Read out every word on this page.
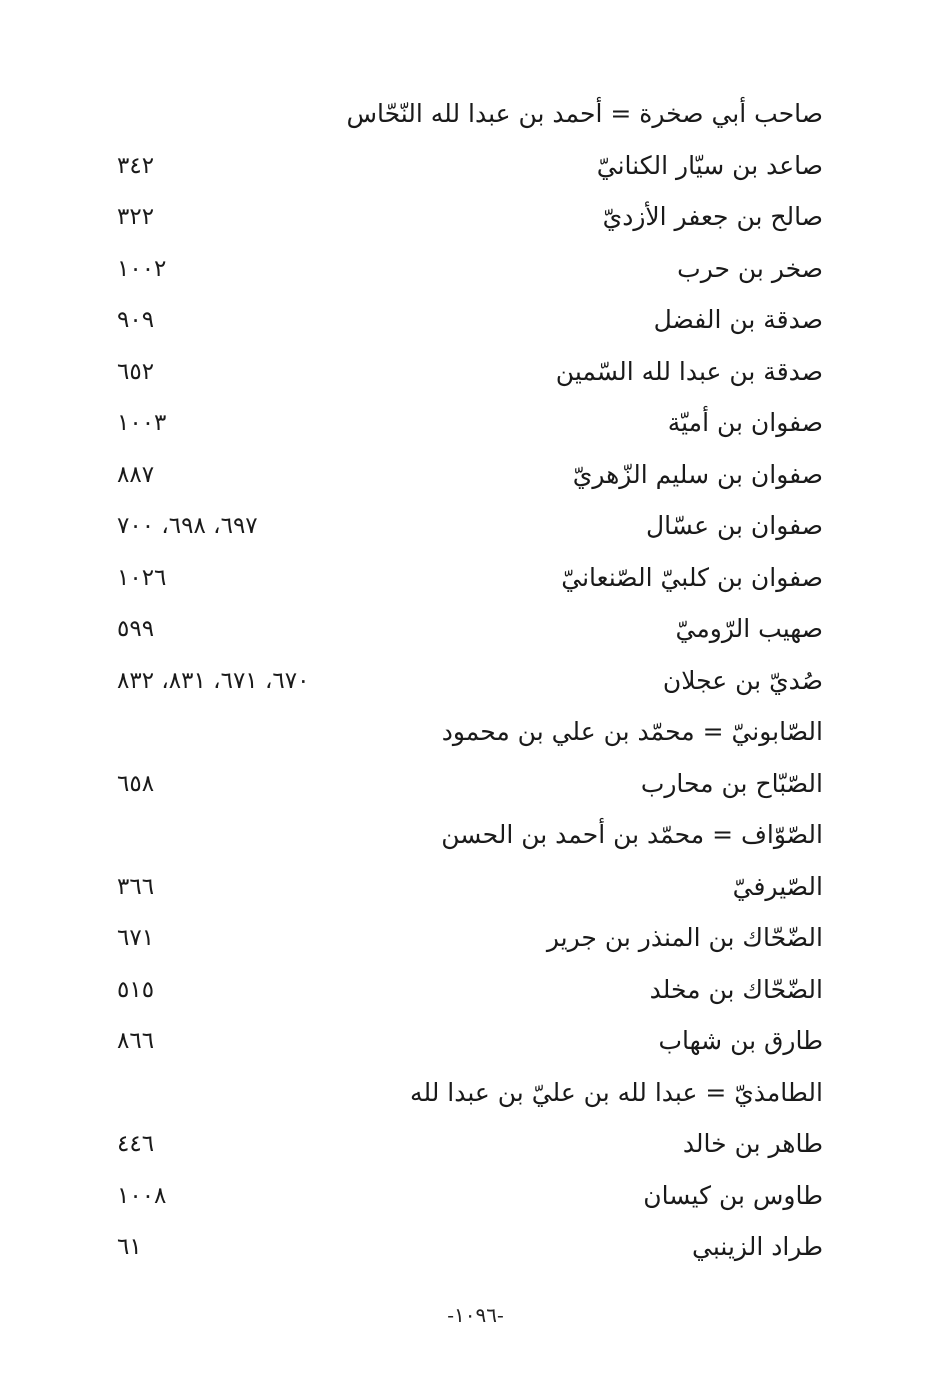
صاحب أبي صخرة = أحمد بن عبدا لله النّحّاس
صاعد بن سيّار الكنانيّ
٣٤٢
صالح بن جعفر الأزديّ
٣٢٢
صخر بن حرب
١٠٠٢
صدقة بن الفضل
٩٠٩
صدقة بن عبدا لله السّمين
٦٥٢
صفوان بن أميّة
١٠٠٣
صفوان بن سليم الزّهريّ
٨٨٧
صفوان بن عسّال
٦٩٧، ٦٩٨، ٧٠٠
صفوان بن كلبيّ الصّنعانيّ
١٠٢٦
صهيب الرّوميّ
٥٩٩
صُديّ بن عجلان
٦٧٠، ٦٧١، ٨٣١، ٨٣٢
الصّابونيّ = محمّد بن علي بن محمود
الصّبّاح بن محارب
٦٥٨
الصّوّاف = محمّد بن أحمد بن الحسن
الصّيرفيّ
٣٦٦
الضّحّاك بن المنذر بن جرير
٦٧١
الضّحّاك بن مخلد
٥١٥
طارق بن شهاب
٨٦٦
الطامذيّ = عبدا لله بن عليّ بن عبدا لله
طاهر بن خالد
٤٤٦
طاوس بن كيسان
١٠٠٨
طراد الزينبي
٦١
-١٠٩٦-
